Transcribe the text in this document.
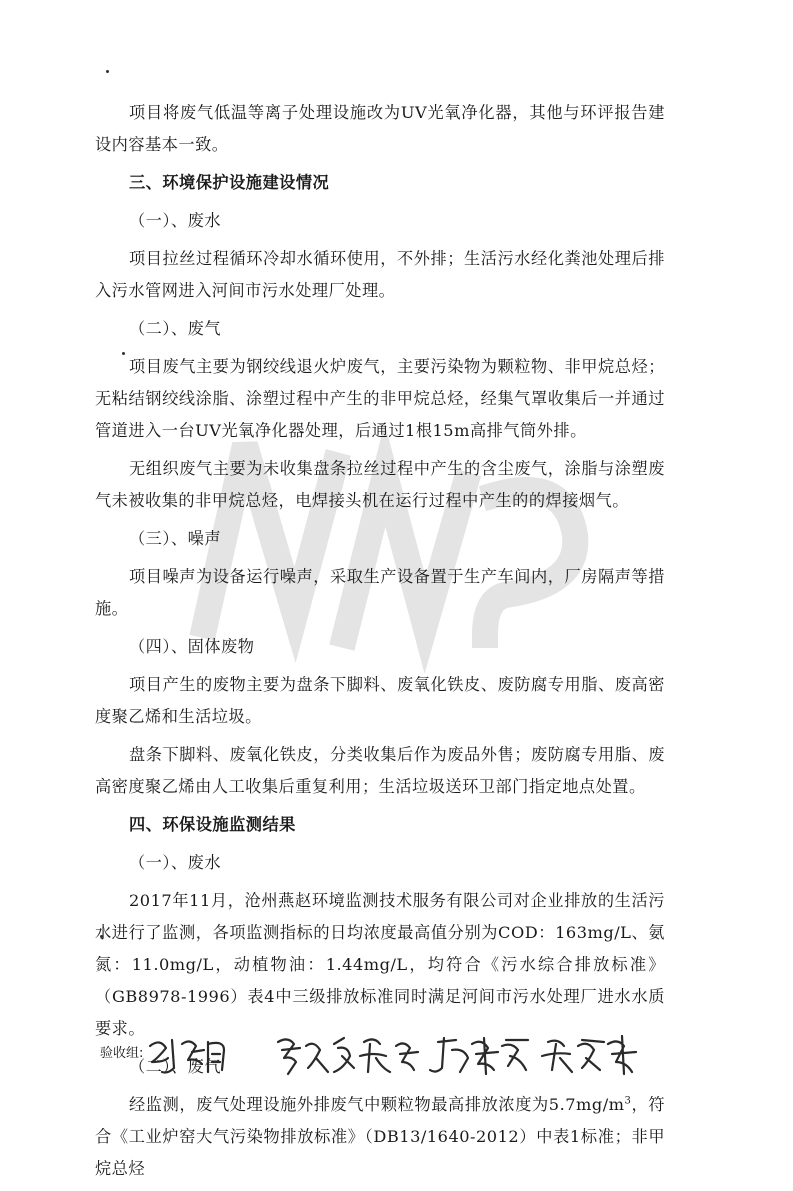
项目将废气低温等离子处理设施改为UV光氧净化器，其他与环评报告建设内容基本一致。

三、环境保护设施建设情况

（一）、废水

项目拉丝过程循环冷却水循环使用，不外排；生活污水经化粪池处理后排入污水管网进入河间市污水处理厂处理。

（二）、废气

项目废气主要为钢绞线退火炉废气，主要污染物为颗粒物、非甲烷总烃；无粘结钢绞线涂脂、涂塑过程中产生的非甲烷总烃，经集气罩收集后一并通过管道进入一台UV光氧净化器处理，后通过1根15m高排气筒外排。

无组织废气主要为未收集盘条拉丝过程中产生的含尘废气，涂脂与涂塑废气未被收集的非甲烷总烃，电焊接头机在运行过程中产生的的焊接烟气。

（三）、噪声

项目噪声为设备运行噪声，采取生产设备置于生产车间内，厂房隔声等措施。

（四）、固体废物

项目产生的废物主要为盘条下脚料、废氧化铁皮、废防腐专用脂、废高密度聚乙烯和生活垃圾。

盘条下脚料、废氧化铁皮，分类收集后作为废品外售；废防腐专用脂、废高密度聚乙烯由人工收集后重复利用；生活垃圾送环卫部门指定地点处置。

四、环保设施监测结果

（一）、废水

2017年11月，沧州燕赵环境监测技术服务有限公司对企业排放的生活污水进行了监测，各项监测指标的日均浓度最高值分别为COD：163mg/L、氨氮：11.0mg/L，动植物油：1.44mg/L，均符合《污水综合排放标准》（GB8978-1996）表4中三级排放标准同时满足河间市污水处理厂进水水质要求。

（二）、废气

经监测，废气处理设施外排废气中颗粒物最高排放浓度为$5.7mg/m^3$，符合《工业炉窑大气污染物排放标准》（DB13/1640-2012）中表1标准；非甲烷总烃

验收组:
